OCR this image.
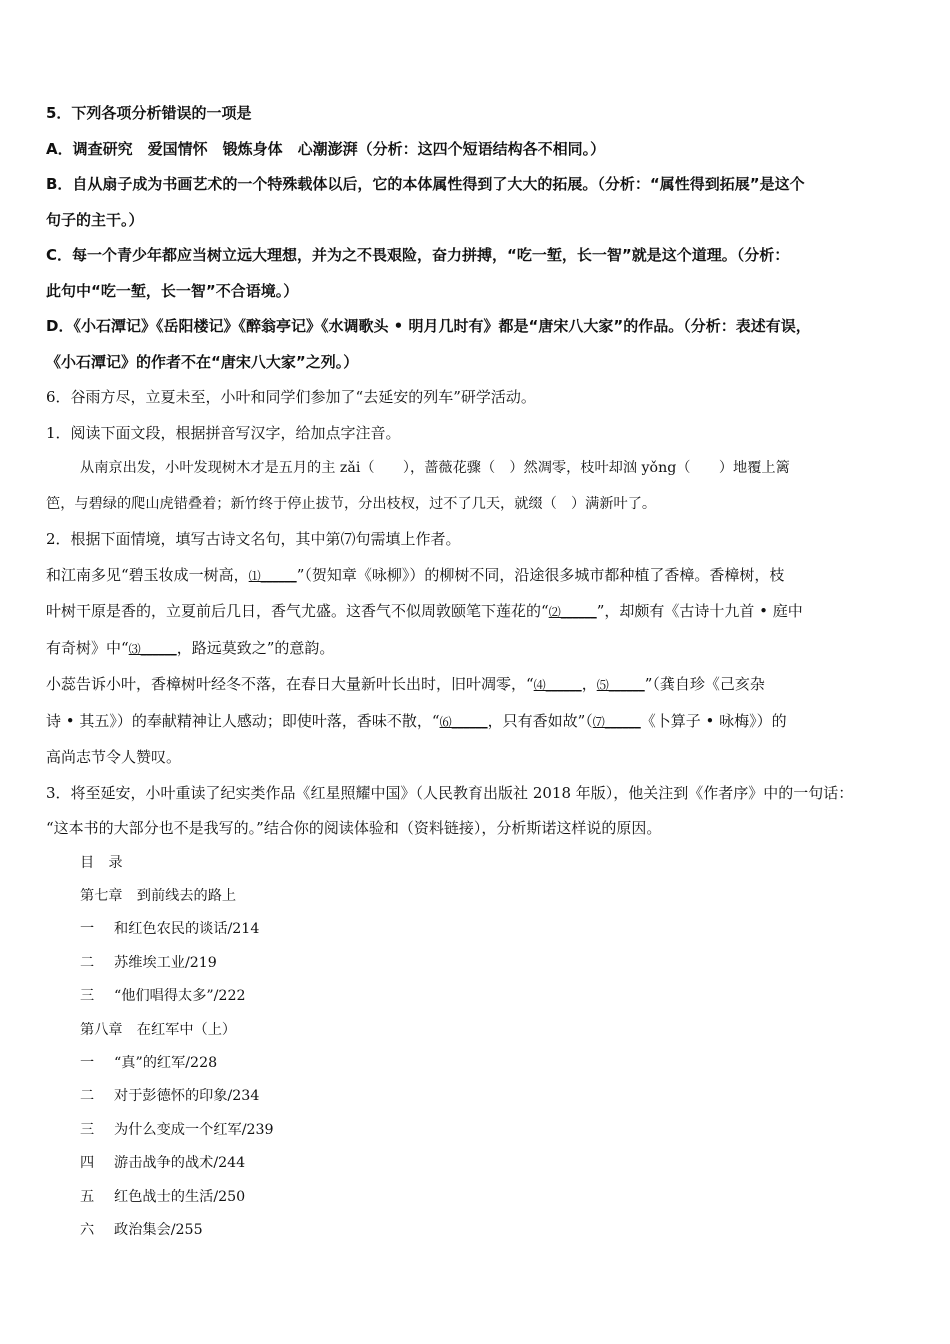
5．下列各项分析错误的一项是
A．调查研究　爱国情怀　锻炼身体　心潮澎湃（分析：这四个短语结构各不相同。）
B．自从扇子成为书画艺术的一个特殊载体以后，它的本体属性得到了大大的拓展。（分析：“属性得到拓展”是这个
句子的主干。）
C．每一个青少年都应当树立远大理想，并为之不畏艰险，奋力拼搏，“吃一堑，长一智”就是这个道理。（分析：
此句中“吃一堑，长一智”不合语境。）
D．《小石潭记》《岳阳楼记》《醉翁亭记》《水调歌头 • 明月几时有》都是“唐宋八大家”的作品。（分析：表述有误，
《小石潭记》的作者不在“唐宋八大家”之列。）
6．谷雨方尽，立夏未至，小叶和同学们参加了“去延安的列车”研学活动。
1．阅读下面文段，根据拼音写汉字，给加点字注音。
从南京出发，小叶发现树木才是五月的主 zǎi（　　），蔷薇花骤（　）然凋零，枝叶却汹 yǒng（　　）地覆上篱
笆，与碧绿的爬山虎错叠着；新竹终于停止拔节，分出枝杈，过不了几天，就缀（　）满新叶了。
2．根据下面情境，填写古诗文名句，其中第⑺句需填上作者。
和江南多见“碧玉妆成一树高，⑴______”（贺知章《咏柳》）的柳树不同，沿途很多城市都种植了香樟。香樟树，枝
叶树干原是香的，立夏前后几日，香气尤盛。这香气不似周敦颐笔下莲花的“⑵______”，却颇有《古诗十九首 • 庭中
有奇树》中“⑶______，路远莫致之”的意韵。
小蕊告诉小叶，香樟树叶经冬不落，在春日大量新叶长出时，旧叶凋零，“⑷______，⑸______”（龚自珍《己亥杂
诗 • 其五》）的奉献精神让人感动；即使叶落，香味不散，“⑹______，只有香如故”（⑺______《卜算子 • 咏梅》）的
高尚志节令人赞叹。
3．将至延安，小叶重读了纪实类作品《红星照耀中国》（人民教育出版社 2018 年版），他关注到《作者序》中的一句话：
“这本书的大部分也不是我写的。”结合你的阅读体验和（资料链接），分析斯诺这样说的原因。
目　录
第七章　到前线去的路上
一 和红色农民的谈话/214
二 苏维埃工业/219
三 “他们唱得太多”/222
第八章　在红军中（上）
一 “真”的红军/228
二 对于彭德怀的印象/234
三 为什么变成一个红军/239
四 游击战争的战术/244
五 红色战士的生活/250
六 政治集会/255
